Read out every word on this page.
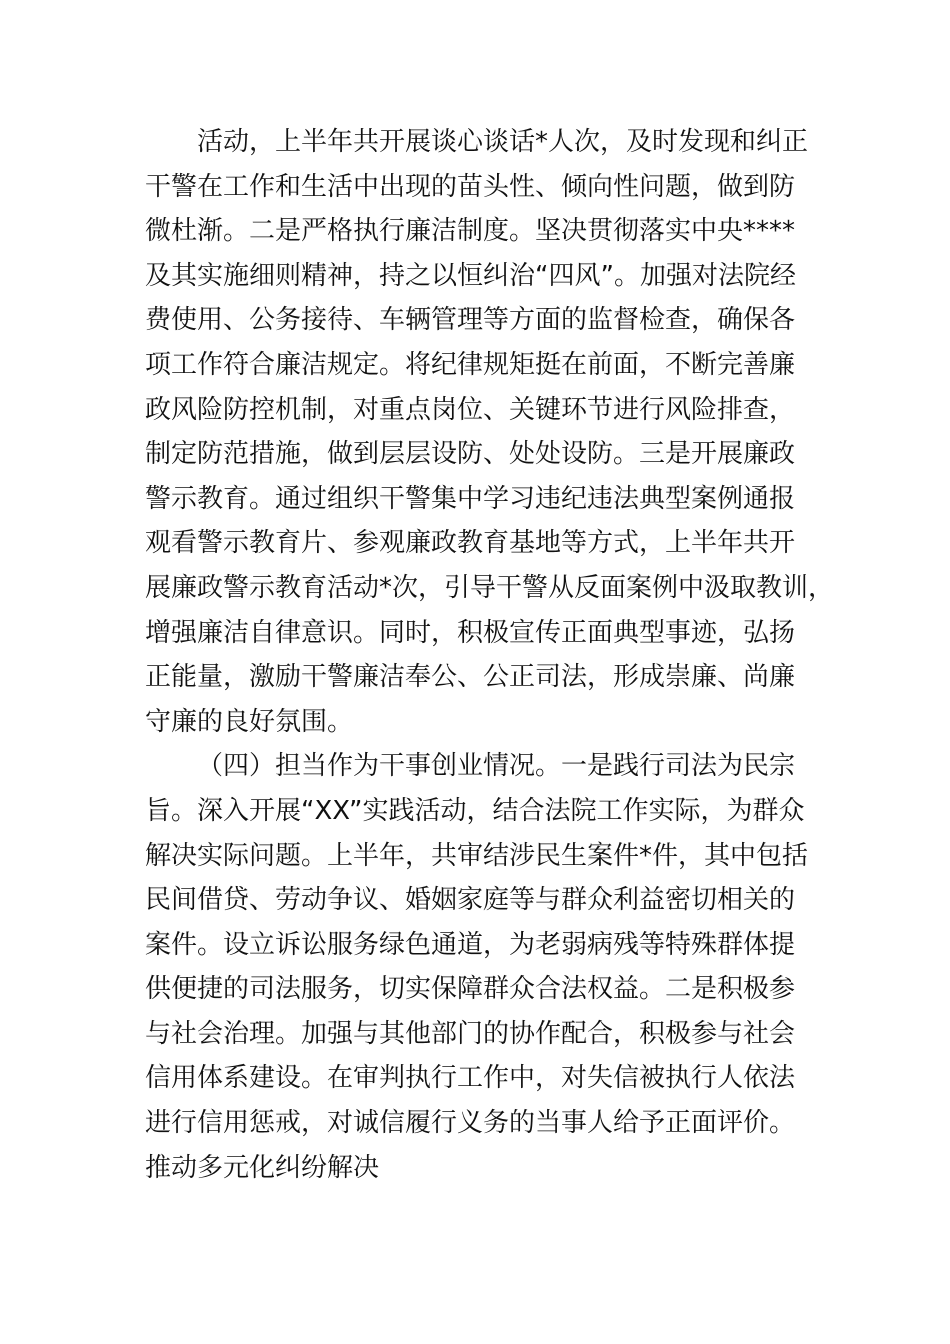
活动，上半年共开展谈心谈话*人次，及时发现和纠正
干警在工作和生活中出现的苗头性、倾向性问题，做到防
微杜渐。二是严格执行廉洁制度。坚决贯彻落实中央****
及其实施细则精神，持之以恒纠治“四风”。加强对法院经
费使用、公务接待、车辆管理等方面的监督检查，确保各
项工作符合廉洁规定。将纪律规矩挺在前面，不断完善廉
政风险防控机制，对重点岗位、关键环节进行风险排查，
制定防范措施，做到层层设防、处处设防。三是开展廉政
警示教育。通过组织干警集中学习违纪违法典型案例通报
观看警示教育片、参观廉政教育基地等方式，上半年共开
展廉政警示教育活动*次，引导干警从反面案例中汲取教训，
增强廉洁自律意识。同时，积极宣传正面典型事迹，弘扬
正能量，激励干警廉洁奉公、公正司法，形成崇廉、尚廉
守廉的良好氛围。
（四）担当作为干事创业情况。一是践行司法为民宗
旨。深入开展“XX”实践活动，结合法院工作实际，为群众
解决实际问题。上半年，共审结涉民生案件*件，其中包括
民间借贷、劳动争议、婚姻家庭等与群众利益密切相关的
案件。设立诉讼服务绿色通道，为老弱病残等特殊群体提
供便捷的司法服务，切实保障群众合法权益。二是积极参
与社会治理。加强与其他部门的协作配合，积极参与社会
信用体系建设。在审判执行工作中，对失信被执行人依法
进行信用惩戒，对诚信履行义务的当事人给予正面评价。
推动多元化纠纷解决
